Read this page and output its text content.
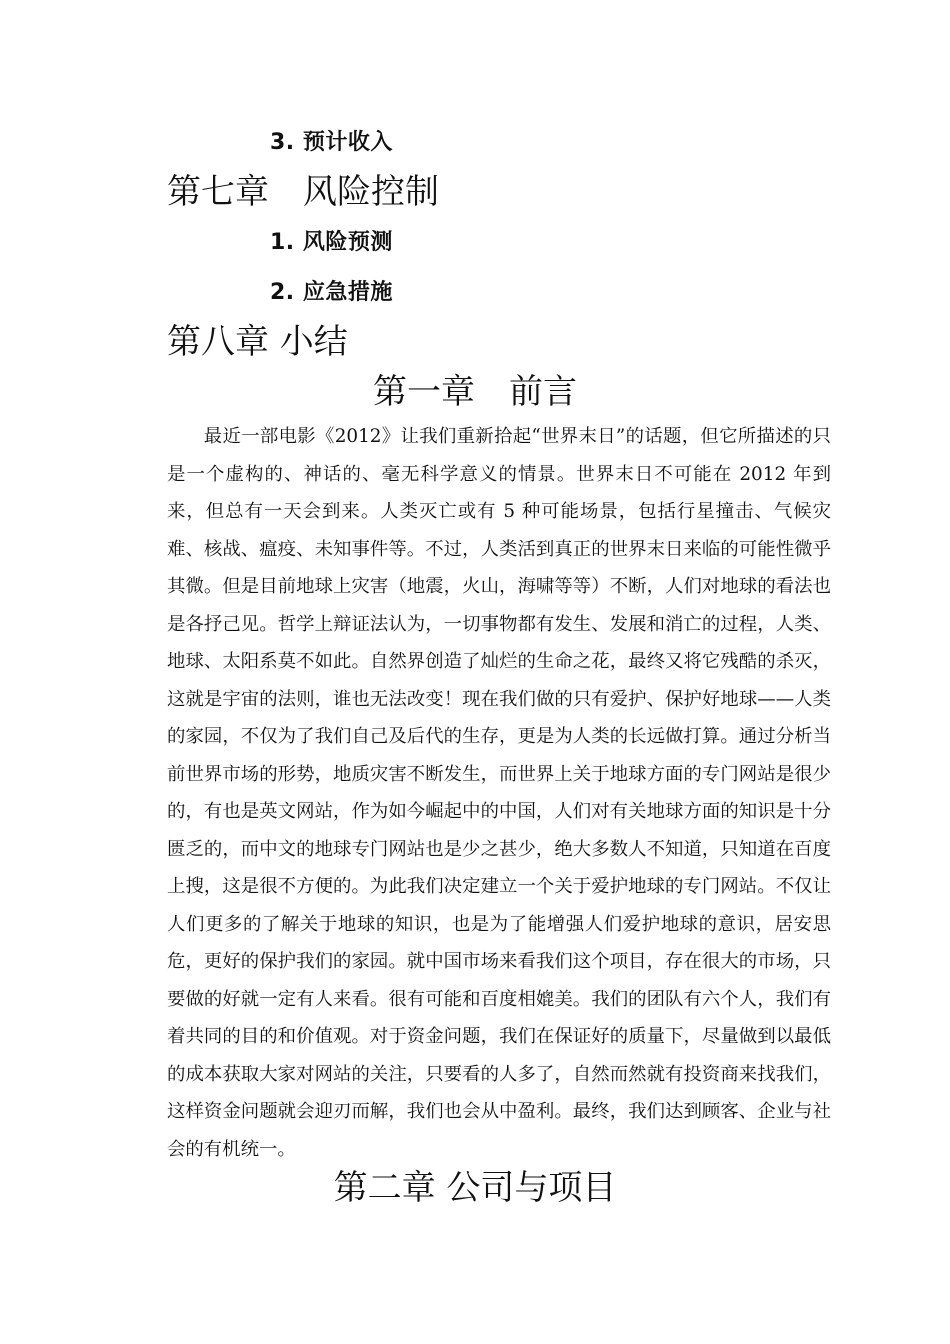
3. 预计收入
第七章　风险控制
1. 风险预测
2. 应急措施
第八章 小结
第一章　前言

最近一部电影《2012》让我们重新拾起“世界末日”的话题，但它所描述的只是一个虚构的、神话的、毫无科学意义的情景。世界末日不可能在 2012 年到来，但总有一天会到来。人类灭亡或有 5 种可能场景，包括行星撞击、气候灾难、核战、瘟疫、未知事件等。不过，人类活到真正的世界末日来临的可能性微乎其微。但是目前地球上灾害（地震，火山，海啸等等）不断，人们对地球的看法也是各抒己见。哲学上辩证法认为，一切事物都有发生、发展和消亡的过程，人类、地球、太阳系莫不如此。自然界创造了灿烂的生命之花，最终又将它残酷的杀灭，这就是宇宙的法则，谁也无法改变！现在我们做的只有爱护、保护好地球——人类的家园，不仅为了我们自己及后代的生存，更是为人类的长远做打算。通过分析当前世界市场的形势，地质灾害不断发生，而世界上关于地球方面的专门网站是很少的，有也是英文网站，作为如今崛起中的中国，人们对有关地球方面的知识是十分匮乏的，而中文的地球专门网站也是少之甚少，绝大多数人不知道，只知道在百度上搜，这是很不方便的。为此我们决定建立一个关于爱护地球的专门网站。不仅让人们更多的了解关于地球的知识，也是为了能增强人们爱护地球的意识，居安思危，更好的保护我们的家园。就中国市场来看我们这个项目，存在很大的市场，只要做的好就一定有人来看。很有可能和百度相媲美。我们的团队有六个人，我们有着共同的目的和价值观。对于资金问题，我们在保证好的质量下，尽量做到以最低的成本获取大家对网站的关注，只要看的人多了，自然而然就有投资商来找我们，这样资金问题就会迎刃而解，我们也会从中盈利。最终，我们达到顾客、企业与社会的有机统一。

第二章 公司与项目
